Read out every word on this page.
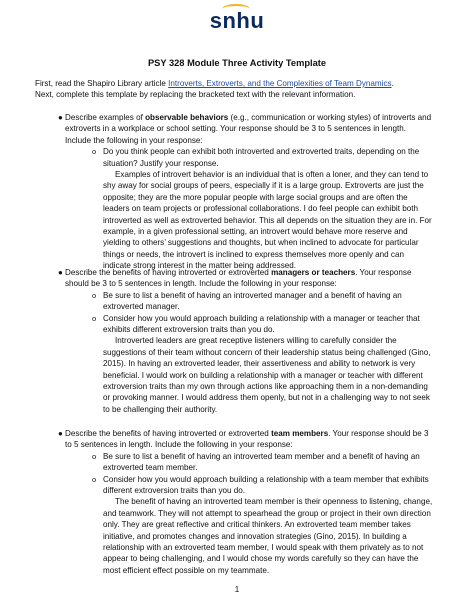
snhu
PSY 328 Module Three Activity Template
First, read the Shapiro Library article Introverts, Extroverts, and the Complexities of Team Dynamics.
Next, complete this template by replacing the bracketed text with the relevant information.
● Describe examples of observable behaviors (e.g., communication or working styles) of introverts and extroverts in a workplace or school setting. Your response should be 3 to 5 sentences in length. Include the following in your response:
o Do you think people can exhibit both introverted and extroverted traits, depending on the situation? Justify your response.
Examples of introvert behavior is an individual that is often a loner, and they can tend to shy away for social groups of peers, especially if it is a large group. Extroverts are just the opposite; they are the more popular people with large social groups and are often the leaders on team projects or professional collaborations. I do feel people can exhibit both introverted as well as extroverted behavior. This all depends on the situation they are in. For example, in a given professional setting, an introvert would behave more reserve and yielding to others’ suggestions and thoughts, but when inclined to advocate for particular things or needs, the introvert is inclined to express themselves more openly and can indicate strong interest in the matter being addressed.
● Describe the benefits of having introverted or extroverted managers or teachers. Your response should be 3 to 5 sentences in length. Include the following in your response:
o Be sure to list a benefit of having an introverted manager and a benefit of having an extroverted manager.
o Consider how you would approach building a relationship with a manager or teacher that exhibits different extroversion traits than you do.
Introverted leaders are great receptive listeners willing to carefully consider the suggestions of their team without concern of their leadership status being challenged (Gino, 2015). In having an extroverted leader, their assertiveness and ability to network is very beneficial. I would work on building a relationship with a manager or teacher with different extroversion traits than my own through actions like approaching them in a non-demanding or provoking manner. I would address them openly, but not in a challenging way to not seek to be challenging their authority.
● Describe the benefits of having introverted or extroverted team members. Your response should be 3 to 5 sentences in length. Include the following in your response:
o Be sure to list a benefit of having an introverted team member and a benefit of having an extroverted team member.
o Consider how you would approach building a relationship with a team member that exhibits different extroversion traits than you do.
The benefit of having an introverted team member is their openness to listening, change, and teamwork. They will not attempt to spearhead the group or project in their own direction only. They are great reflective and critical thinkers. An extroverted team member takes initiative, and promotes changes and innovation strategies (Gino, 2015). In building a relationship with an extroverted team member, I would speak with them privately as to not appear to being challenging, and I would chose my words carefully so they can have the most efficient effect possible on my teammate.
1
